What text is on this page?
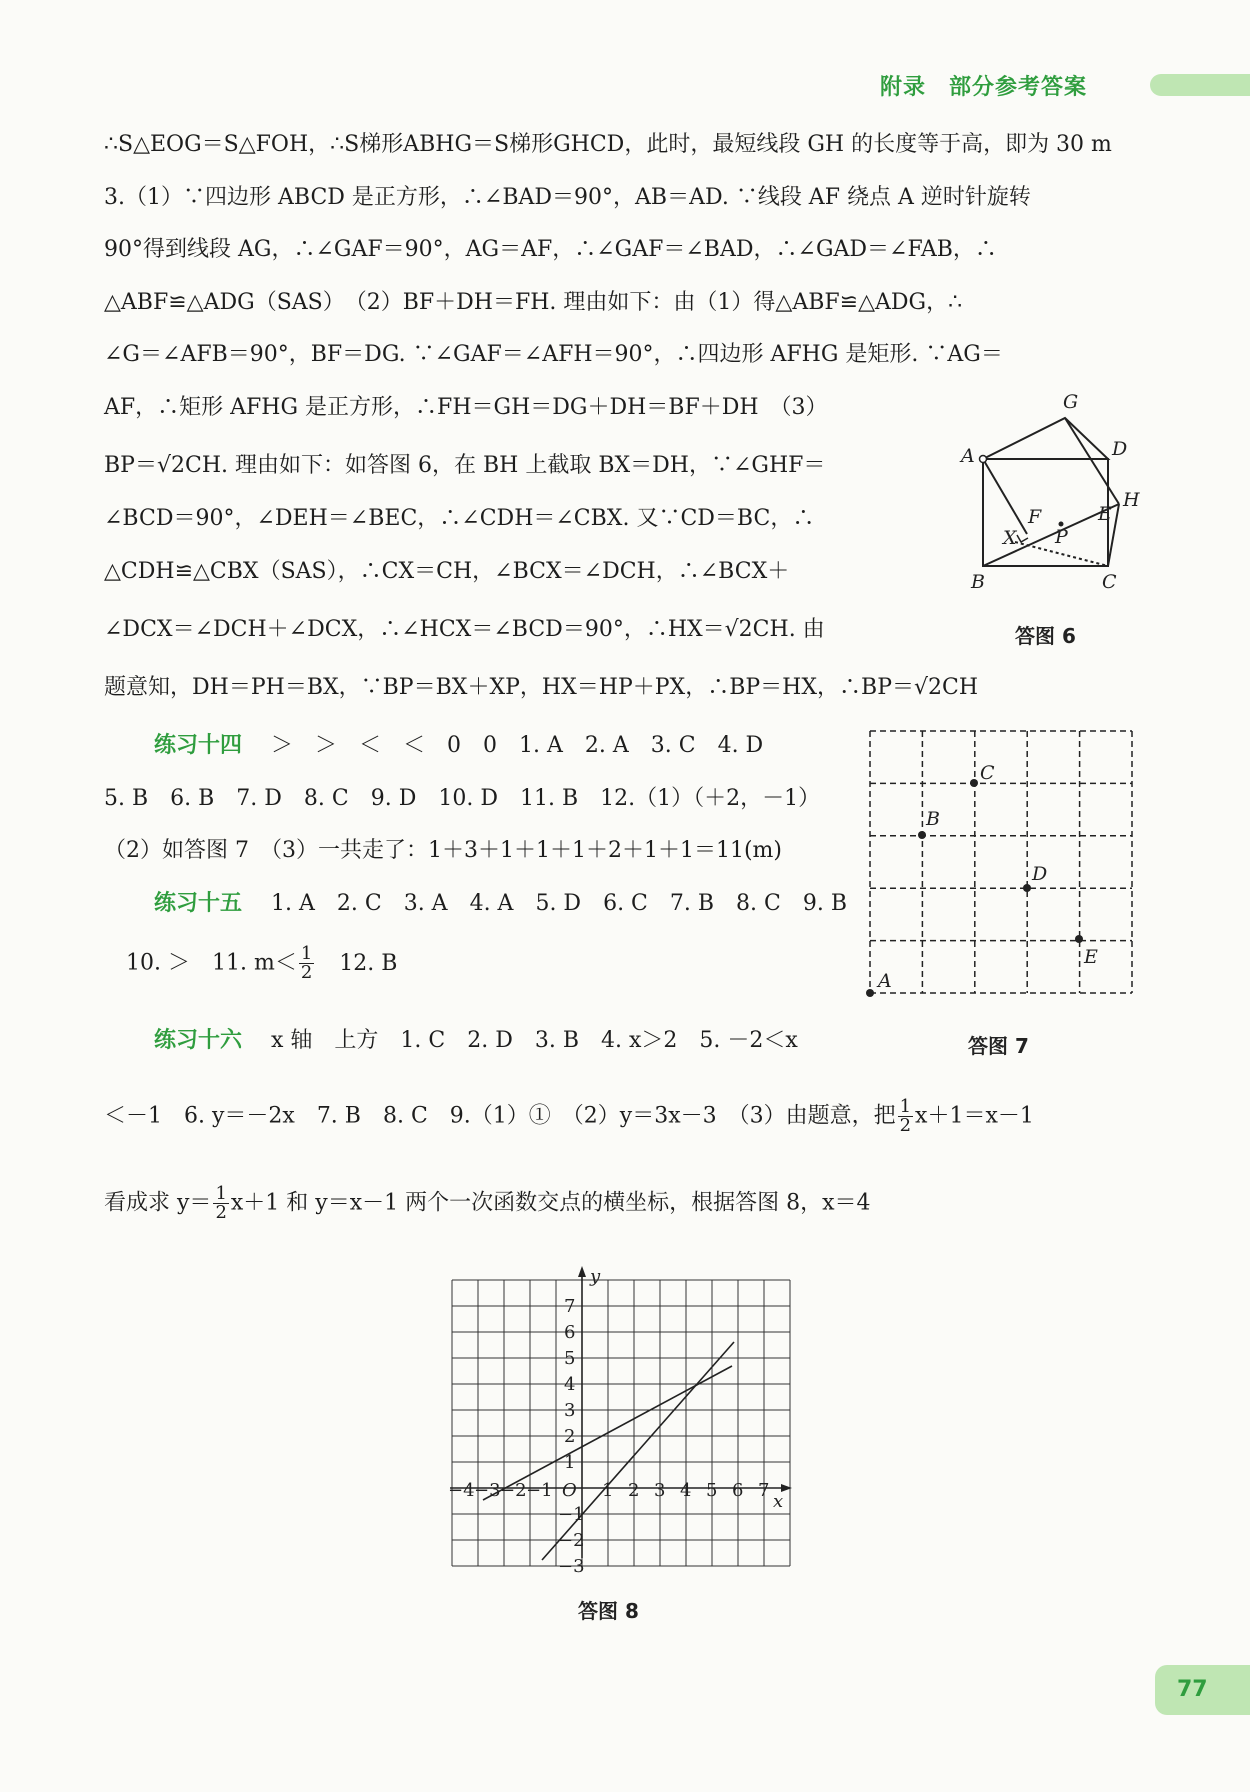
附录　部分参考答案
∴S△EOG＝S△FOH，∴S梯形ABHG＝S梯形GHCD，此时，最短线段 GH 的长度等于高，即为 30 m
3.（1）∵四边形 ABCD 是正方形，∴∠BAD＝90°，AB＝AD. ∵线段 AF 绕点 A 逆时针旋转
90°得到线段 AG，∴∠GAF＝90°，AG＝AF，∴∠GAF＝∠BAD，∴∠GAD＝∠FAB，∴
△ABF≌△ADG（SAS）　（2）BF＋DH＝FH. 理由如下：由（1）得△ABF≌△ADG，∴
∠G＝∠AFB＝90°，BF＝DG. ∵∠GAF＝∠AFH＝90°，∴四边形 AFHG 是矩形. ∵AG＝
AF，∴矩形 AFHG 是正方形，∴FH＝GH＝DG＋DH＝BF＋DH　（3）
BP＝√2CH. 理由如下：如答图 6，在 BH 上截取 BX＝DH，∵∠GHF＝
∠BCD＝90°，∠DEH＝∠BEC，∴∠CDH＝∠CBX. 又∵CD＝BC，∴
△CDH≌△CBX（SAS），∴CX＝CH，∠BCX＝∠DCH，∴∠BCX＋
∠DCX＝∠DCH＋∠DCX，∴∠HCX＝∠BCD＝90°，∴HX＝√2CH. 由
题意知，DH＝PH＝BX，∵BP＝BX＋XP，HX＝HP＋PX，∴BP＝HX，∴BP＝√2CH
练习十四 ＞　＞　＜　＜　0　0　1. A　2. A　3. C　4. D
5. B　6. B　7. D　8. C　9. D　10. D　11. B　12.（1）（＋2，－1）
（2）如答图 7　（3）一共走了：1＋3＋1＋1＋1＋2＋1＋1＝11(m)
练习十五 1. A　2. C　3. A　4. A　5. D　6. C　7. B　8. C　9. B
10. ＞　11. $m< \frac{1}{2} 12$. B
练习十六 x 轴　上方　1. C　2. D　3. B　4. x＞2　5. －2＜x
＜－1　6. y＝－2x　7. B　8. C　9.（1）①　（2）y＝3x－3　（3）由题意，把 $\frac{1}{2} x+1=x-1$
看成求 $y= \frac{1}{2} x+1$ 和 y＝x－1 两个一次函数交点的横坐标，根据答图 8，x＝4
G
A	D
H
E
F
P
X
B	C
答图 6
C
B
D
E
A
答图 7
y
x
O
−4 −3 −2 −1	1 2 3 4 5 6 7
7
6
5
4
3
2
1
−1
−2
−3
答图 8
77
